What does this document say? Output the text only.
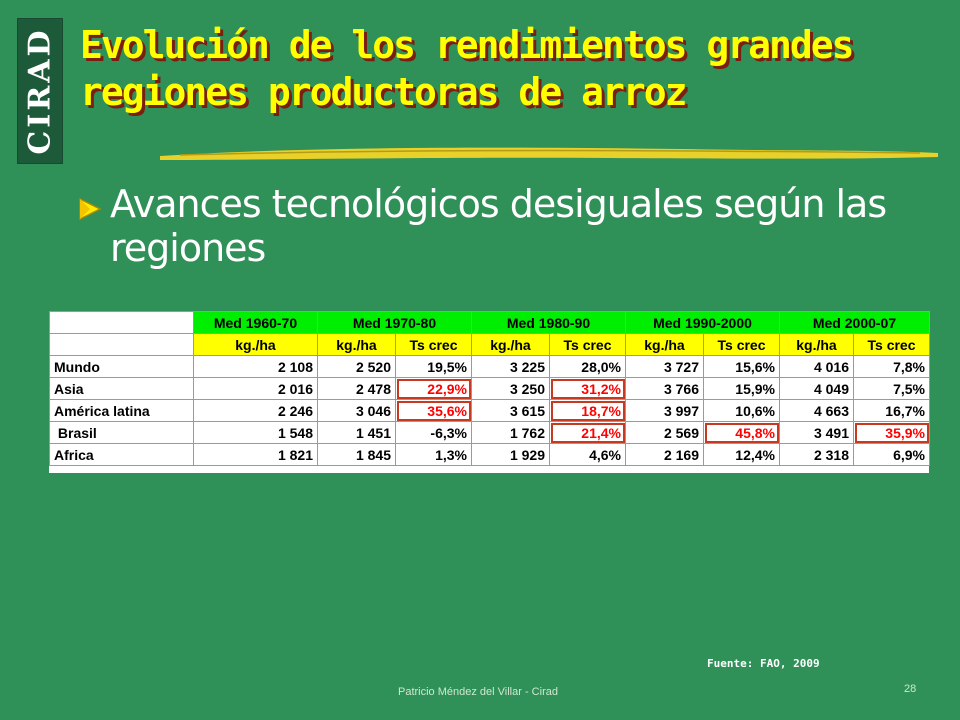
CIRAD Evolución de los rendimientos grandes
regiones productoras de arroz
Avances tecnológicos desiguales según las regiones
	Med 1960-70	Med 1970-80		Med 1980-90		Med 1990-2000		Med 2000-07	
	kg./ha	kg./ha	Ts crec	kg./ha	Ts crec	kg./ha	Ts crec	kg./ha	Ts crec
Mundo	2 108	2 520	19,5%	3 225	28,0%	3 727	15,6%	4 016	7,8%
Asia	2 016	2 478	22,9%	3 250	31,2%	3 766	15,9%	4 049	7,5%
América latina	2 246	3 046	35,6%	3 615	18,7%	3 997	10,6%	4 663	16,7%
Brasil	1 548	1 451	-6,3%	1 762	21,4%	2 569	45,8%	3 491	35,9%
Africa	1 821	1 845	1,3%	1 929	4,6%	2 169	12,4%	2 318	6,9%
Fuente: FAO, 2009
Patricio Méndez del Villar - Cirad	28
